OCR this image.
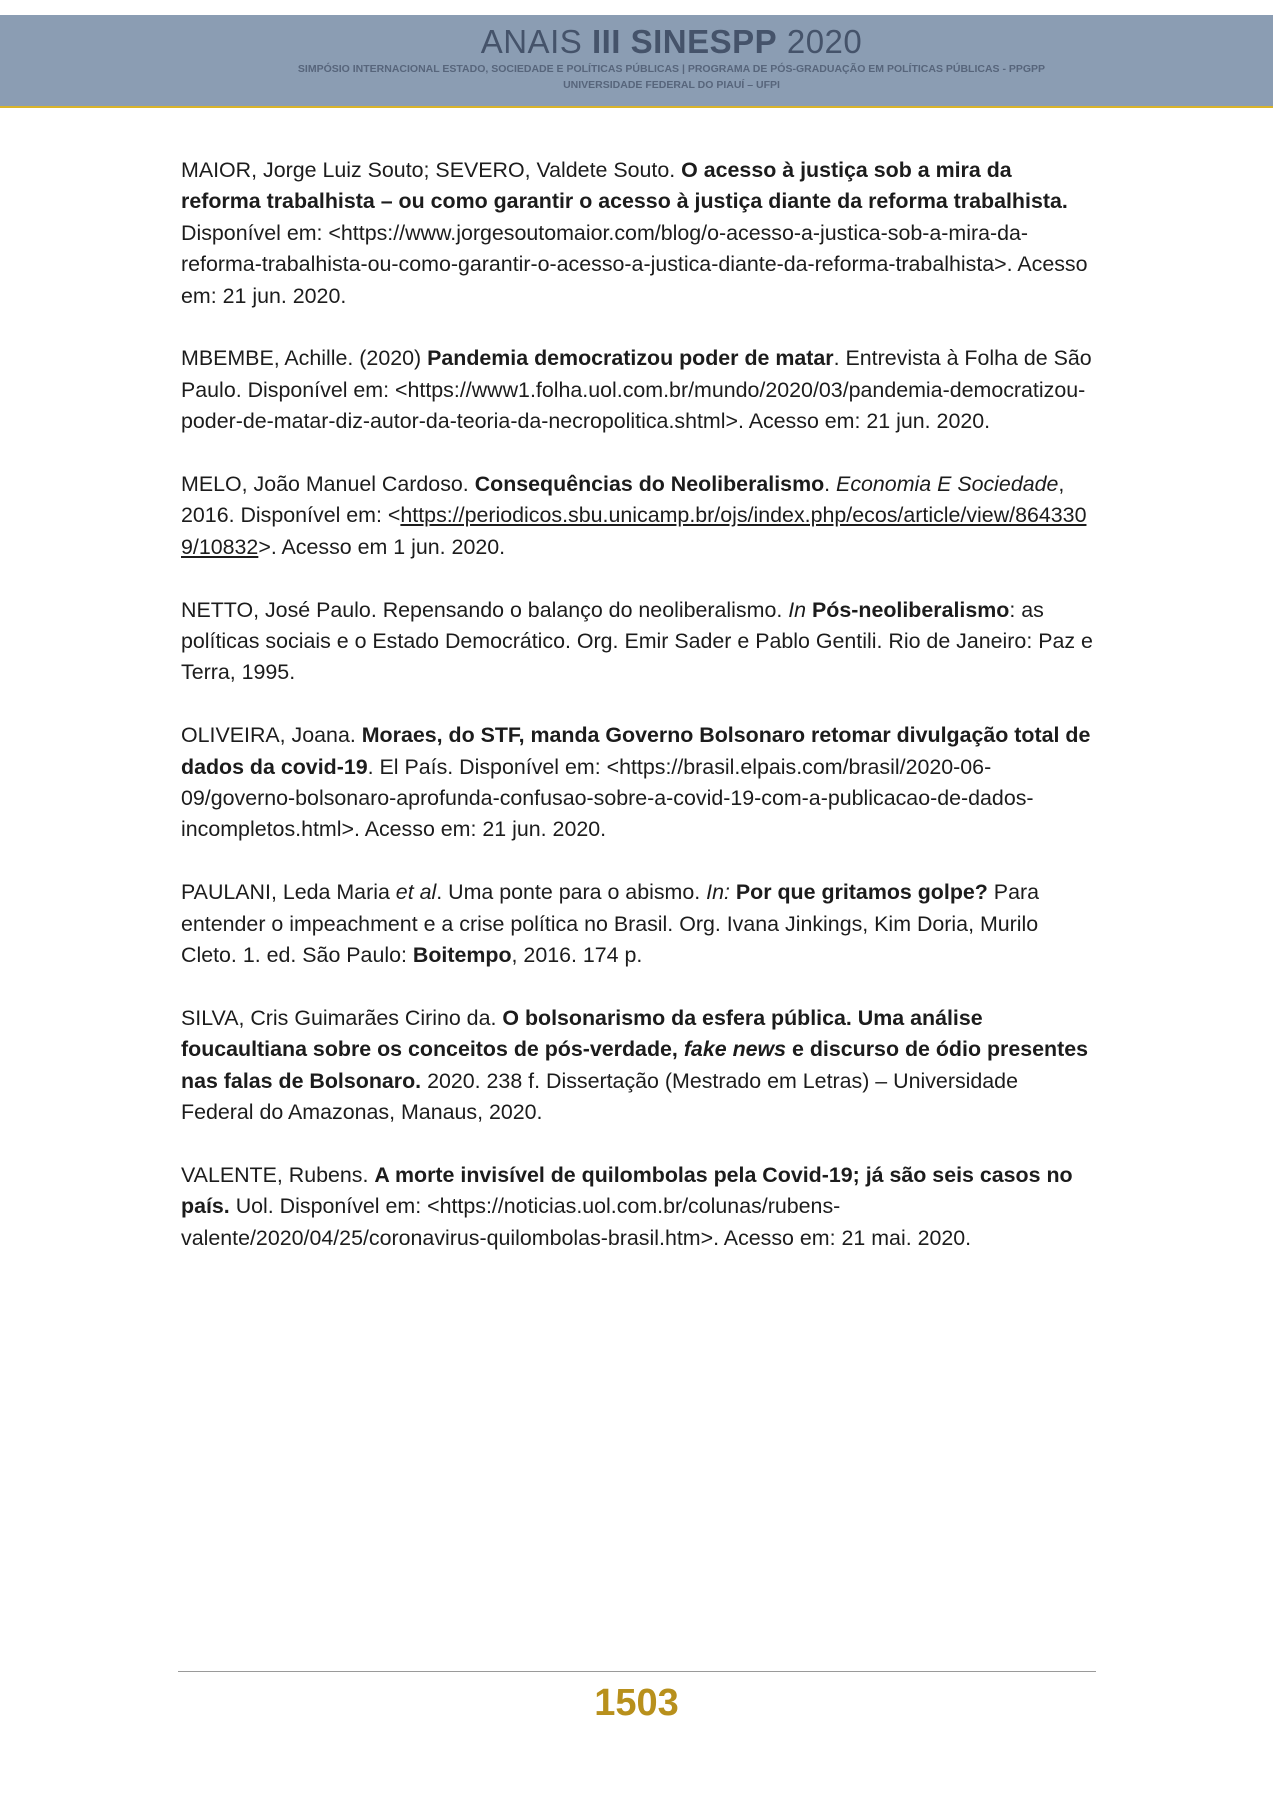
ANAIS III SINESPP 2020
SIMPÓSIO INTERNACIONAL ESTADO, SOCIEDADE E POLÍTICAS PÚBLICAS | PROGRAMA DE PÓS-GRADUAÇÃO EM POLÍTICAS PÚBLICAS - PPGPP
UNIVERSIDADE FEDERAL DO PIAUÍ – UFPI

MAIOR, Jorge Luiz Souto; SEVERO, Valdete Souto. O acesso à justiça sob a mira da reforma trabalhista – ou como garantir o acesso à justiça diante da reforma trabalhista. Disponível em: <https://www.jorgesoutomaior.com/blog/o-acesso-a-justica-sob-a-mira-da-reforma-trabalhista-ou-como-garantir-o-acesso-a-justica-diante-da-reforma-trabalhista>. Acesso em: 21 jun. 2020.

MBEMBE, Achille. (2020) Pandemia democratizou poder de matar. Entrevista à Folha de São Paulo. Disponível em: <https://www1.folha.uol.com.br/mundo/2020/03/pandemia-democratizou-poder-de-matar-diz-autor-da-teoria-da-necropolitica.shtml>. Acesso em: 21 jun. 2020.

MELO, João Manuel Cardoso. Consequências do Neoliberalismo. Economia E Sociedade, 2016. Disponível em: <https://periodicos.sbu.unicamp.br/ojs/index.php/ecos/article/view/8643309/10832>. Acesso em 1 jun. 2020.

NETTO, José Paulo. Repensando o balanço do neoliberalismo. In Pós-neoliberalismo: as políticas sociais e o Estado Democrático. Org. Emir Sader e Pablo Gentili. Rio de Janeiro: Paz e Terra, 1995.

OLIVEIRA, Joana. Moraes, do STF, manda Governo Bolsonaro retomar divulgação total de dados da covid-19. El País. Disponível em: <https://brasil.elpais.com/brasil/2020-06-09/governo-bolsonaro-aprofunda-confusao-sobre-a-covid-19-com-a-publicacao-de-dados-incompletos.html>. Acesso em: 21 jun. 2020.

PAULANI, Leda Maria et al. Uma ponte para o abismo. In: Por que gritamos golpe? Para entender o impeachment e a crise política no Brasil. Org. Ivana Jinkings, Kim Doria, Murilo Cleto. 1. ed. São Paulo: Boitempo, 2016. 174 p.

SILVA, Cris Guimarães Cirino da. O bolsonarismo da esfera pública. Uma análise foucaultiana sobre os conceitos de pós-verdade, fake news e discurso de ódio presentes nas falas de Bolsonaro. 2020. 238 f. Dissertação (Mestrado em Letras) – Universidade Federal do Amazonas, Manaus, 2020.

VALENTE, Rubens. A morte invisível de quilombolas pela Covid-19; já são seis casos no país. Uol. Disponível em: <https://noticias.uol.com.br/colunas/rubens-valente/2020/04/25/coronavirus-quilombolas-brasil.htm>. Acesso em: 21 mai. 2020.

1503
